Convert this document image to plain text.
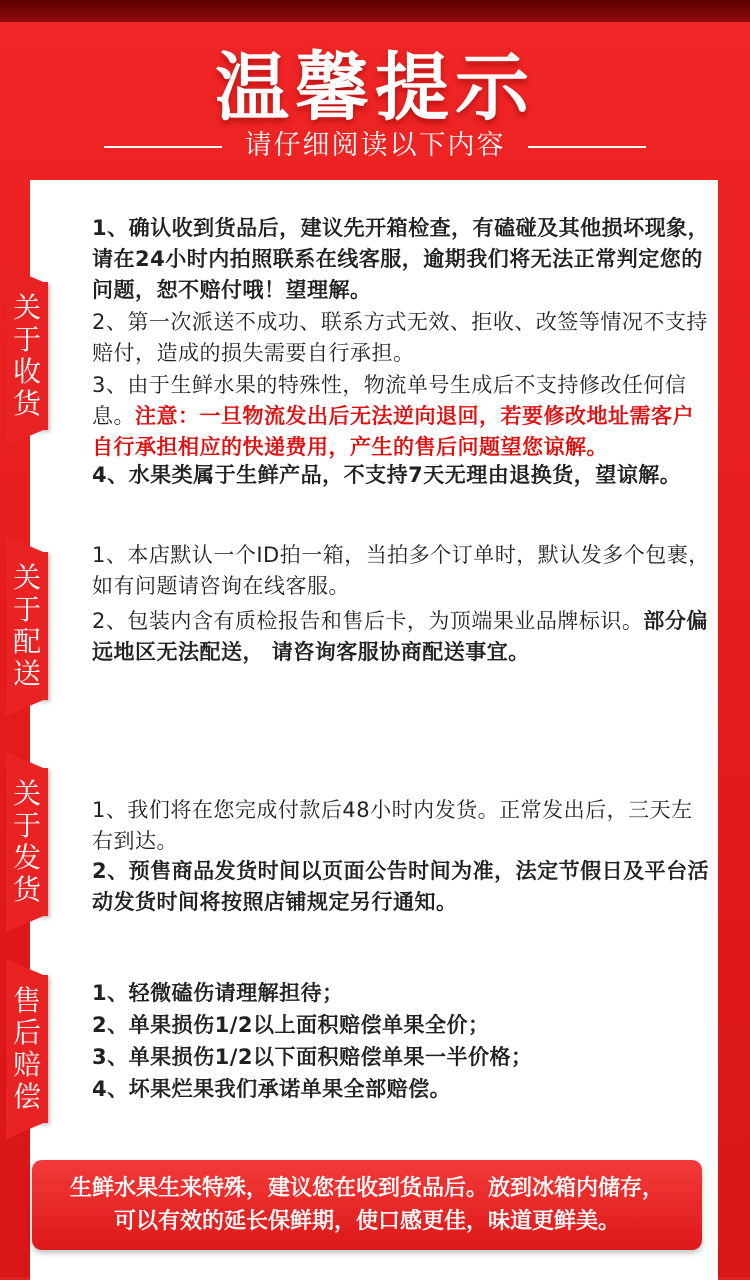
温馨提示
请仔细阅读以下内容
关
于
收
货
1、确认收到货品后，建议先开箱检查，有磕碰及其他损坏现象，请在24小时内拍照联系在线客服，逾期我们将无法正常判定您的问题，恕不赔付哦！望理解。
2、第一次派送不成功、联系方式无效、拒收、改签等情况不支持赔付，造成的损失需要自行承担。
3、由于生鲜水果的特殊性，物流单号生成后不支持修改任何信息。注意：一旦物流发出后无法逆向退回，若要修改地址需客户自行承担相应的快递费用，产生的售后问题望您谅解。
4、水果类属于生鲜产品，不支持7天无理由退换货，望谅解。
关
于
配
送
1、本店默认一个ID拍一箱，当拍多个订单时，默认发多个包裹，如有问题请咨询在线客服。
2、包装内含有质检报告和售后卡，为顶端果业品牌标识。部分偏远地区无法配送， 请咨询客服协商配送事宜。
关
于
发
货
1、我们将在您完成付款后48小时内发货。正常发出后，三天左右到达。
2、预售商品发货时间以页面公告时间为准，法定节假日及平台活动发货时间将按照店铺规定另行通知。
售
后
赔
偿
1、轻微磕伤请理解担待；
2、单果损伤1/2以上面积赔偿单果全价；
3、单果损伤1/2以下面积赔偿单果一半价格；
4、坏果烂果我们承诺单果全部赔偿。
生鲜水果生来特殊，建议您在收到货品后。放到冰箱内储存，
可以有效的延长保鲜期，使口感更佳，味道更鲜美。
